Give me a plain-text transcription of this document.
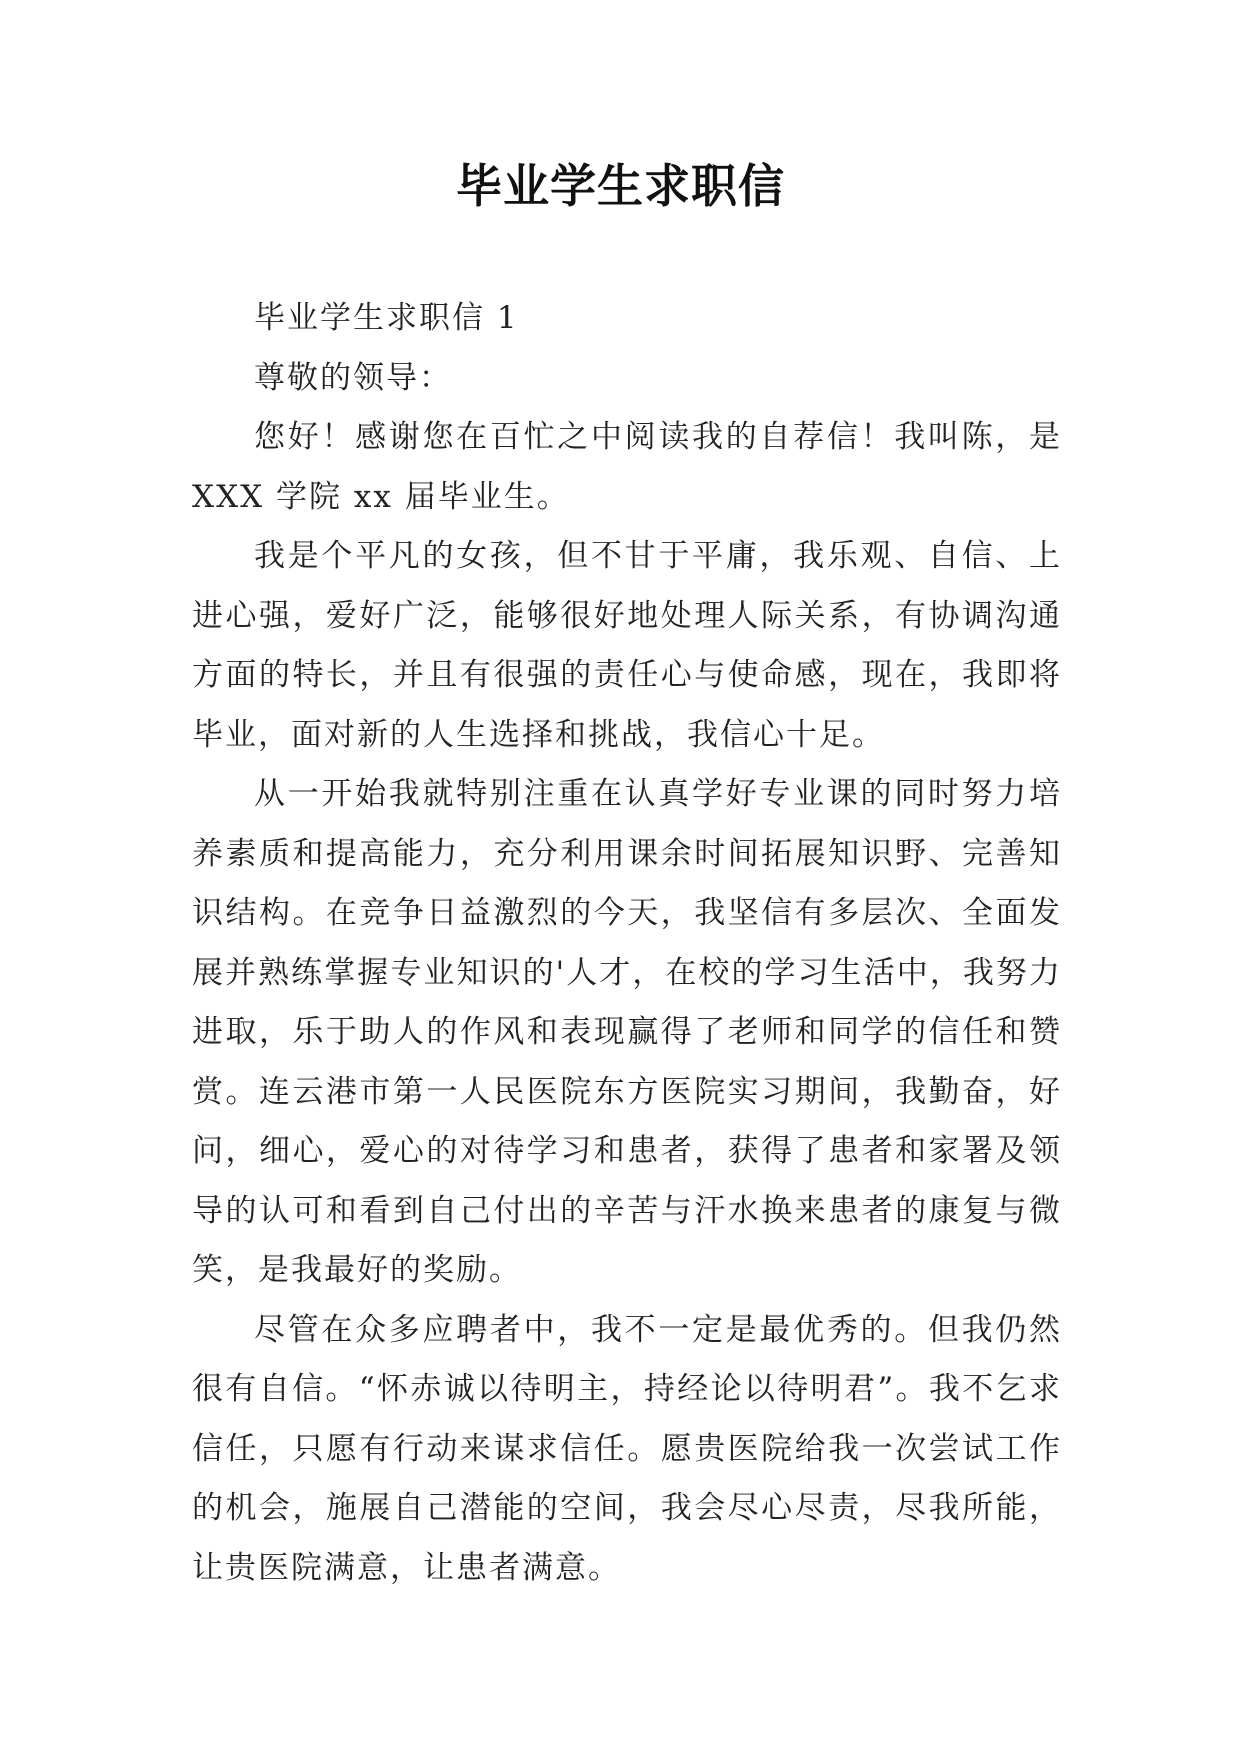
毕业学生求职信

毕业学生求职信 1

尊敬的领导：

您好！感谢您在百忙之中阅读我的自荐信！我叫陈，是 XXX 学院 xx 届毕业生。

我是个平凡的女孩，但不甘于平庸，我乐观、自信、上进心强，爱好广泛，能够很好地处理人际关系，有协调沟通方面的特长，并且有很强的责任心与使命感，现在，我即将毕业，面对新的人生选择和挑战，我信心十足。

从一开始我就特别注重在认真学好专业课的同时努力培养素质和提高能力，充分利用课余时间拓展知识野、完善知识结构。在竞争日益激烈的今天，我坚信有多层次、全面发展并熟练掌握专业知识的'人才，在校的学习生活中，我努力进取，乐于助人的作风和表现赢得了老师和同学的信任和赞赏。连云港市第一人民医院东方医院实习期间，我勤奋，好问，细心，爱心的对待学习和患者，获得了患者和家署及领导的认可和看到自己付出的辛苦与汗水换来患者的康复与微笑，是我最好的奖励。

尽管在众多应聘者中，我不一定是最优秀的。但我仍然很有自信。“怀赤诚以待明主，持经论以待明君”。我不乞求信任，只愿有行动来谋求信任。愿贵医院给我一次尝试工作的机会，施展自己潜能的空间，我会尽心尽责，尽我所能，让贵医院满意，让患者满意。
